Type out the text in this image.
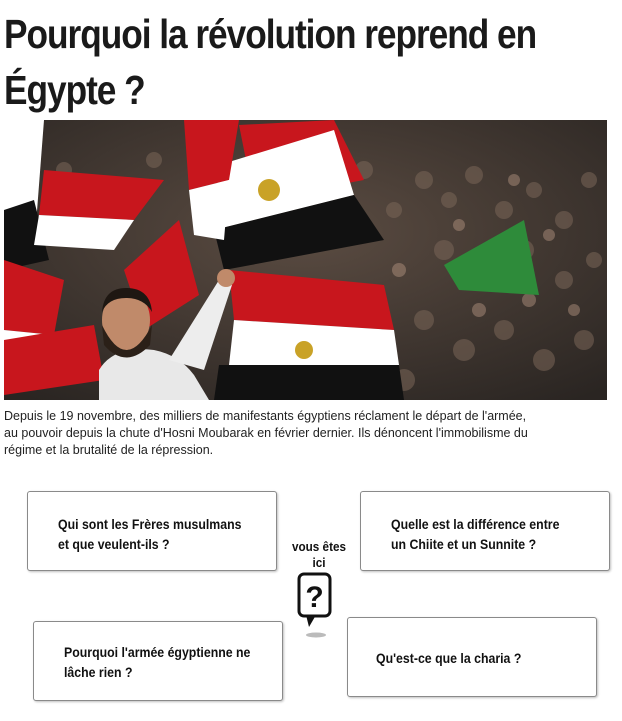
Pourquoi la révolution reprend en
Égypte ?

Depuis le 19 novembre, des milliers de manifestants égyptiens réclament le départ de l'armée,
au pouvoir depuis la chute d'Hosni Moubarak en février dernier. Ils dénoncent l'immobilisme du
régime et la brutalité de la répression.

Qui sont les Frères musulmans
et que veulent-ils ?
Quelle est la différence entre
un Chiite et un Sunnite ?
Pourquoi l'armée égyptienne ne
lâche rien ?
Qu'est-ce que la charia ?
vous êtes
ici
?
